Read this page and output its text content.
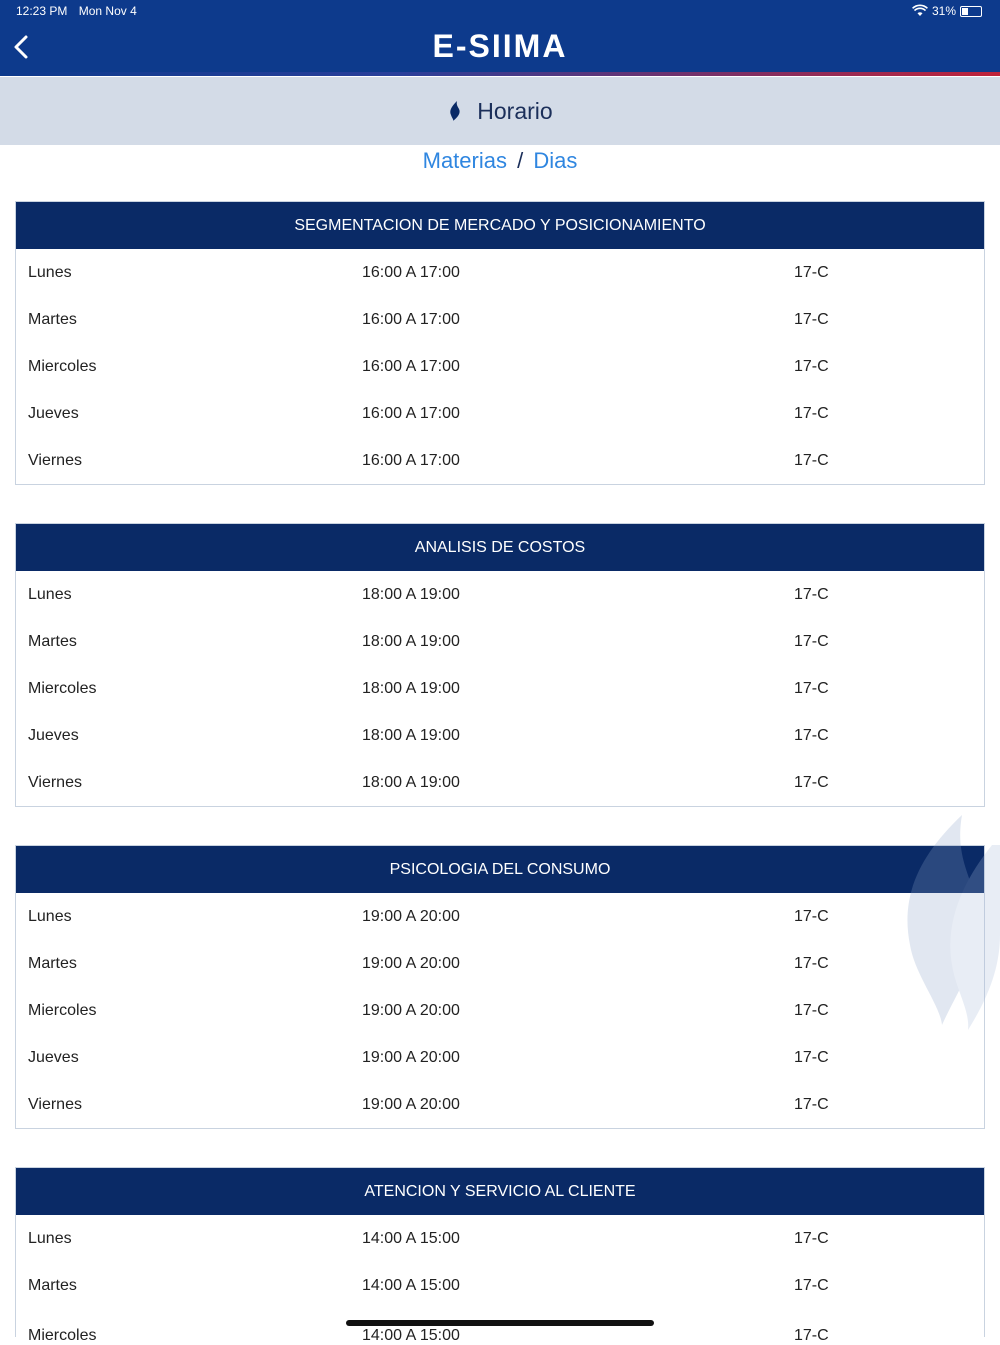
12:23 PM Mon Nov 4	31%
E-SIIMA
Horario
Materias / Dias
SEGMENTACION DE MERCADO Y POSICIONAMIENTO
Lunes	16:00 A 17:00	17-C
Martes	16:00 A 17:00	17-C
Miercoles	16:00 A 17:00	17-C
Jueves	16:00 A 17:00	17-C
Viernes	16:00 A 17:00	17-C
ANALISIS DE COSTOS
Lunes	18:00 A 19:00	17-C
Martes	18:00 A 19:00	17-C
Miercoles	18:00 A 19:00	17-C
Jueves	18:00 A 19:00	17-C
Viernes	18:00 A 19:00	17-C
PSICOLOGIA DEL CONSUMO
Lunes	19:00 A 20:00	17-C
Martes	19:00 A 20:00	17-C
Miercoles	19:00 A 20:00	17-C
Jueves	19:00 A 20:00	17-C
Viernes	19:00 A 20:00	17-C
ATENCION Y SERVICIO AL CLIENTE
Lunes	14:00 A 15:00	17-C
Martes	14:00 A 15:00	17-C
Miercoles	14:00 A 15:00	17-C
